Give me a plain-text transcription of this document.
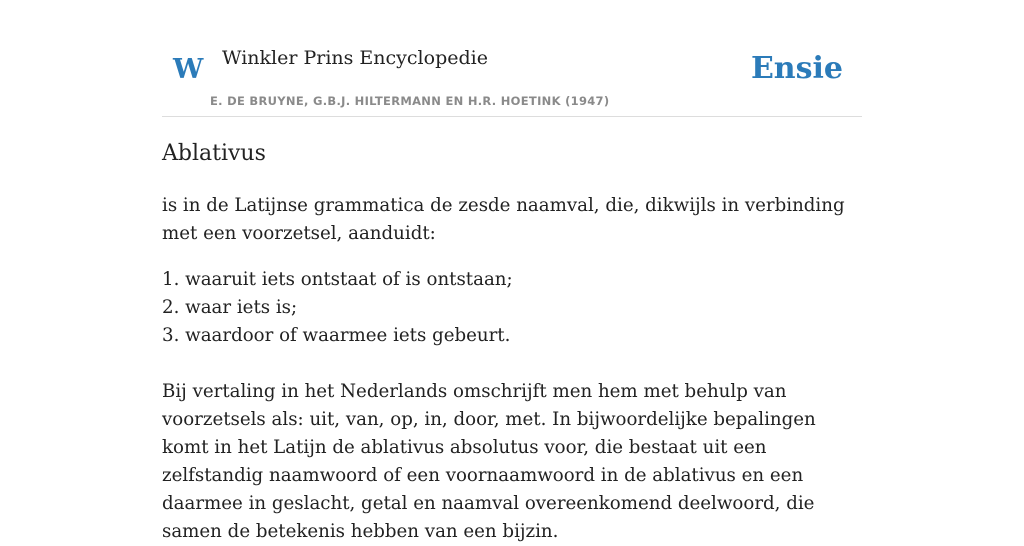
W Winkler Prins Encyclopedie
E. DE BRUYNE, G.B.J. HILTERMANN EN H.R. HOETINK (1947)
Ensie
Ablativus

is in de Latijnse grammatica de zesde naamval, die, dikwijls in verbinding met een voorzetsel, aanduidt:

1. waaruit iets ontstaat of is ontstaan;
2. waar iets is;
3. waardoor of waarmee iets gebeurt.

Bij vertaling in het Nederlands omschrijft men hem met behulp van voorzetsels als: uit, van, op, in, door, met. In bijwoordelijke bepalingen komt in het Latijn de ablativus absolutus voor, die bestaat uit een zelfstandig naamwoord of een voornaamwoord in de ablativus en een daarmee in geslacht, getal en naamval overeenkomend deelwoord, die samen de betekenis hebben van een bijzin.
